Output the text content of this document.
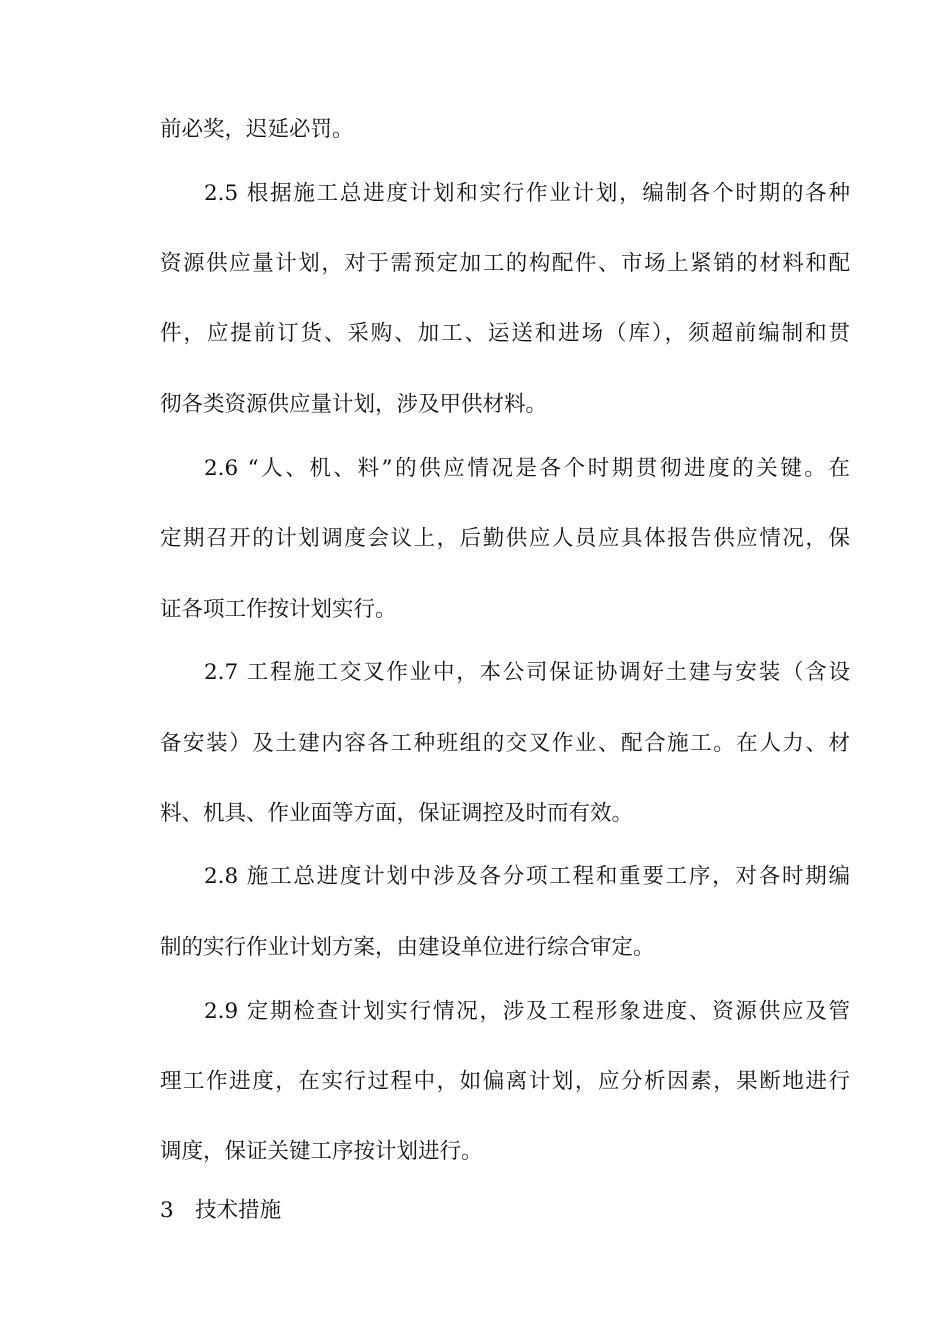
前必奖，迟延必罚。
2.5 根据施工总进度计划和实行作业计划，编制各个时期的各种
资源供应量计划，对于需预定加工的构配件、市场上紧销的材料和配
件，应提前订货、采购、加工、运送和进场（库），须超前编制和贯
彻各类资源供应量计划，涉及甲供材料。
2.6 “人、机、料”的供应情况是各个时期贯彻进度的关键。在
定期召开的计划调度会议上，后勤供应人员应具体报告供应情况，保
证各项工作按计划实行。
2.7 工程施工交叉作业中，本公司保证协调好土建与安装（含设
备安装）及土建内容各工种班组的交叉作业、配合施工。在人力、材
料、机具、作业面等方面，保证调控及时而有效。
2.8 施工总进度计划中涉及各分项工程和重要工序，对各时期编
制的实行作业计划方案，由建设单位进行综合审定。
2.9 定期检查计划实行情况，涉及工程形象进度、资源供应及管
理工作进度，在实行过程中，如偏离计划，应分析因素，果断地进行
调度，保证关键工序按计划进行。
3　技术措施
